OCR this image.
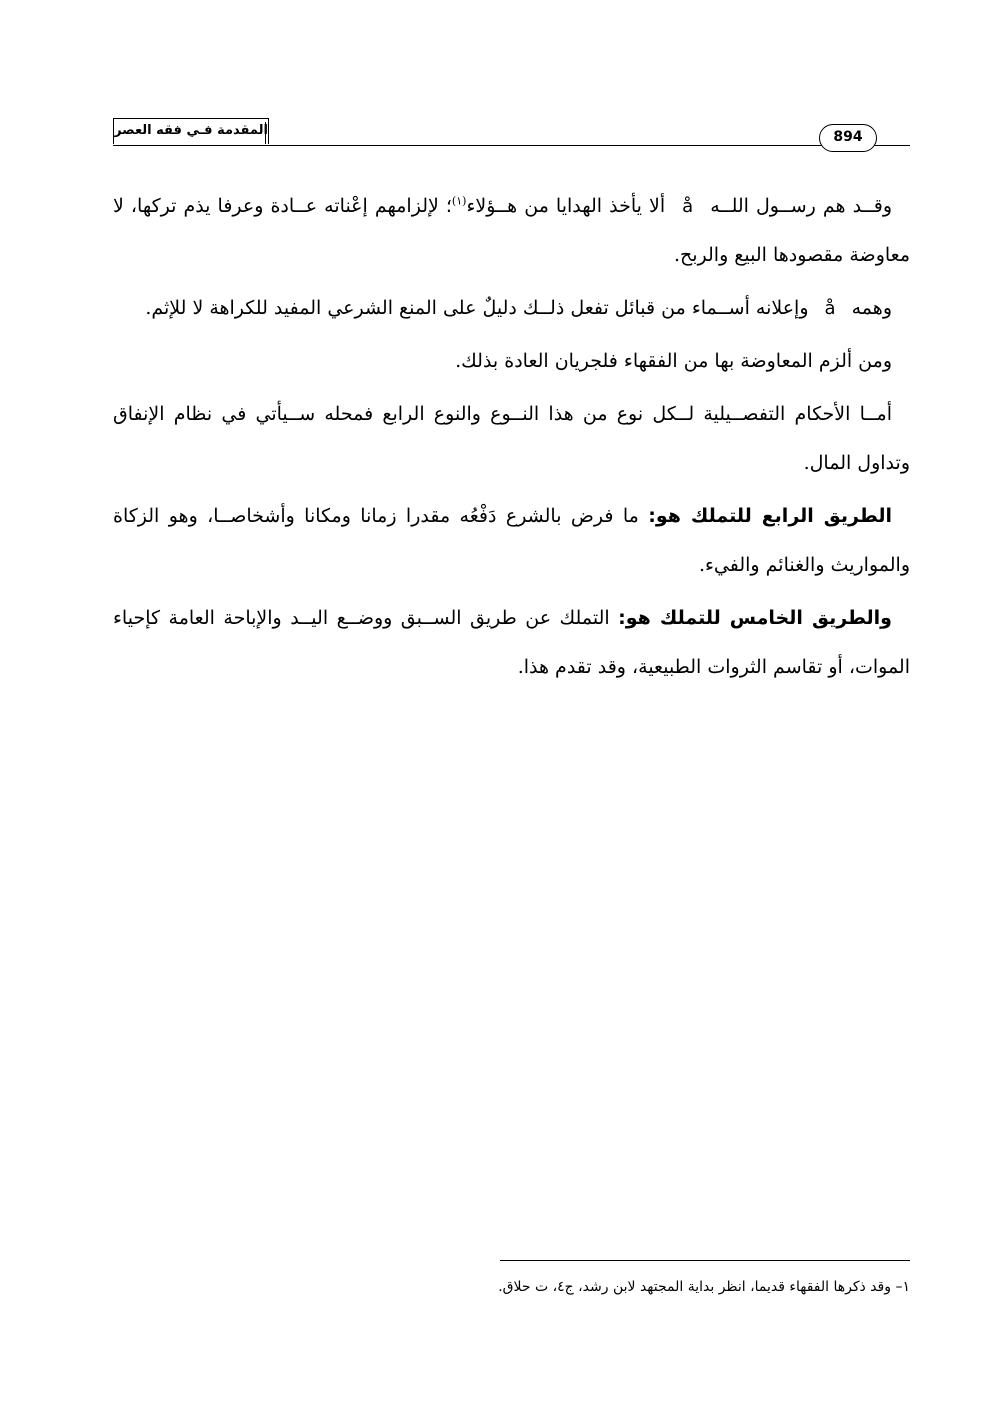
المقدمة فـي فقه العصر	894

وقــد هم رســول اللــه å ألا يأخذ الهدايا من هــؤلاء$^{(١)}$؛ لإلزامهم إعْناته عــادة وعرفا يذم تركها، لا معاوضة مقصودها البيع والربح.

وهمه å وإعلانه أســماء من قبائل تفعل ذلــك دليلٌ على المنع الشرعي المفيد للكراهة لا للإثم.

ومن ألزم المعاوضة بها من الفقهاء فلجريان العادة بذلك.

أمــا الأحكام التفصــيلية لــكل نوع من هذا النــوع والنوع الرابع فمحله ســيأتي في نظام الإنفاق وتداول المال.

الطريق الرابع للتملك هو: ما فرض بالشرع دَفْعُه مقدرا زمانا ومكانا وأشخاصــا، وهو الزكاة والمواريث والغنائم والفيء.

والطريق الخامس للتملك هو: التملك عن طريق الســبق ووضــع اليــد والإباحة العامة كإحياء الموات، أو تقاسم الثروات الطبيعية، وقد تقدم هذا.

١– وقد ذكرها الفقهاء قديما، انظر بداية المجتهد لابن رشد، ج٤، ت حلاق.
